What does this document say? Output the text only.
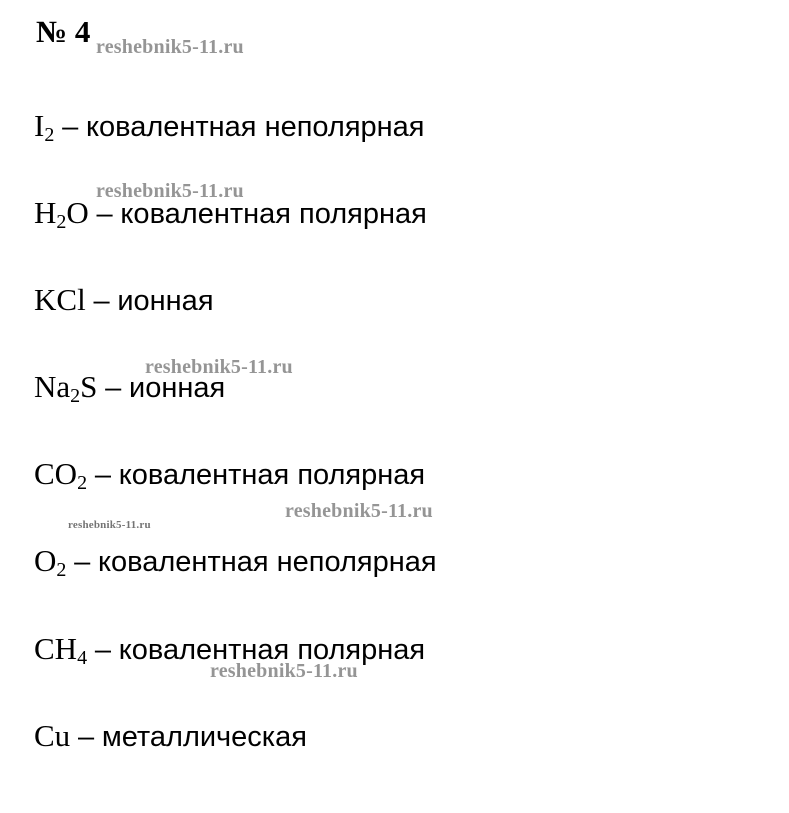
№ 4
$I_2$ – ковалентная неполярная
$H_2O$ – ковалентная полярная
KCl – ионная
$Na_2S$ – ионная
$CO_2$ – ковалентная полярная
$O_2$ – ковалентная неполярная
$CH_4$ – ковалентная полярная
Cu – металлическая
reshebnik5-11.ru
reshebnik5-11.ru
reshebnik5-11.ru
reshebnik5-11.ru
reshebnik5-11.ru
reshebnik5-11.ru
